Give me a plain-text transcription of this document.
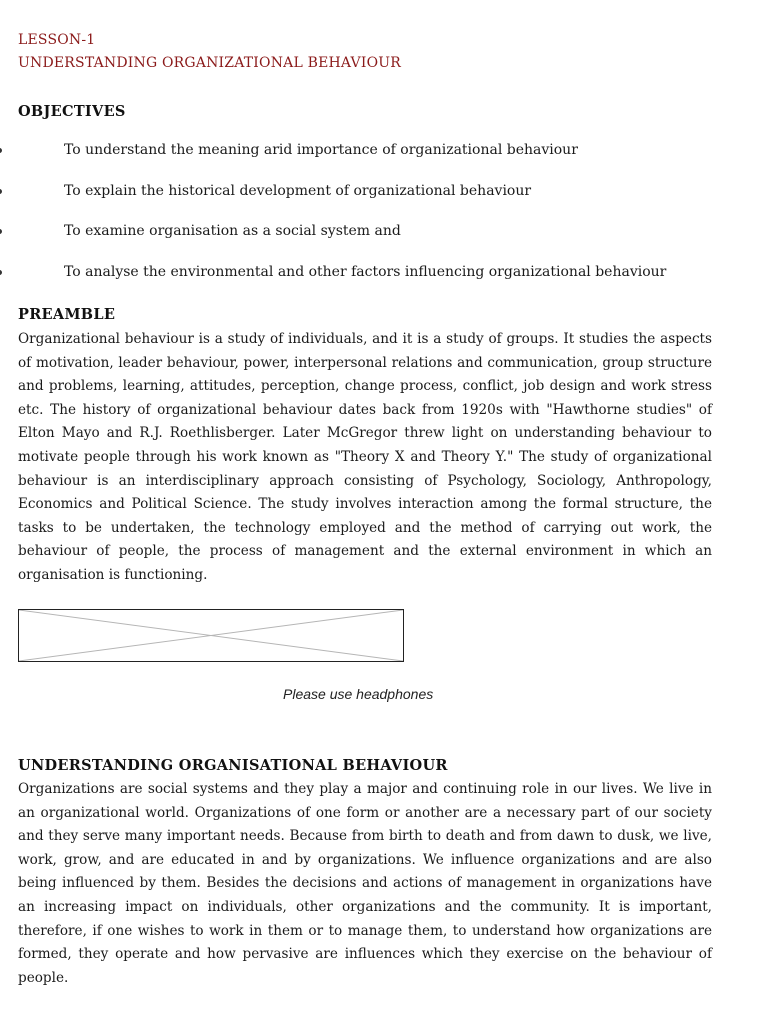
LESSON-1
UNDERSTANDING ORGANIZATIONAL BEHAVIOUR
OBJECTIVES
To understand the meaning arid importance of organizational behaviour
To explain the historical development of organizational behaviour
To examine organisation as a social system and
To analyse the environmental and other factors influencing organizational behaviour
PREAMBLE

Organizational behaviour is a study of individuals, and it is a study of groups. It studies the aspects of motivation, leader behaviour, power, interpersonal relations and communication, group structure and problems, learning, attitudes, perception, change process, conflict, job design and work stress etc. The history of organizational behaviour dates back from 1920s with "Hawthorne studies" of Elton Mayo and R.J. Roethlisberger. Later McGregor threw light on understanding behaviour to motivate people through his work known as "Theory X and Theory Y." The study of organizational behaviour is an interdisciplinary approach consisting of Psychology, Sociology, Anthropology, Economics and Political Science. The study involves interaction among the formal structure, the tasks to be undertaken, the technology employed and the method of carrying out work, the behaviour of people, the process of management and the external environment in which an organisation is functioning.

Please use headphones
UNDERSTANDING ORGANISATIONAL BEHAVIOUR

Organizations are social systems and they play a major and continuing role in our lives. We live in an organizational world. Organizations of one form or another are a necessary part of our society and they serve many important needs. Because from birth to death and from dawn to dusk, we live, work, grow, and are educated in and by organizations. We influence organizations and are also being influenced by them. Besides the decisions and actions of management in organizations have an increasing impact on individuals, other organizations and the community. It is important, therefore, if one wishes to work in them or to manage them, to understand how organizations are formed, they operate and how pervasive are influences which they exercise on the behaviour of people.
